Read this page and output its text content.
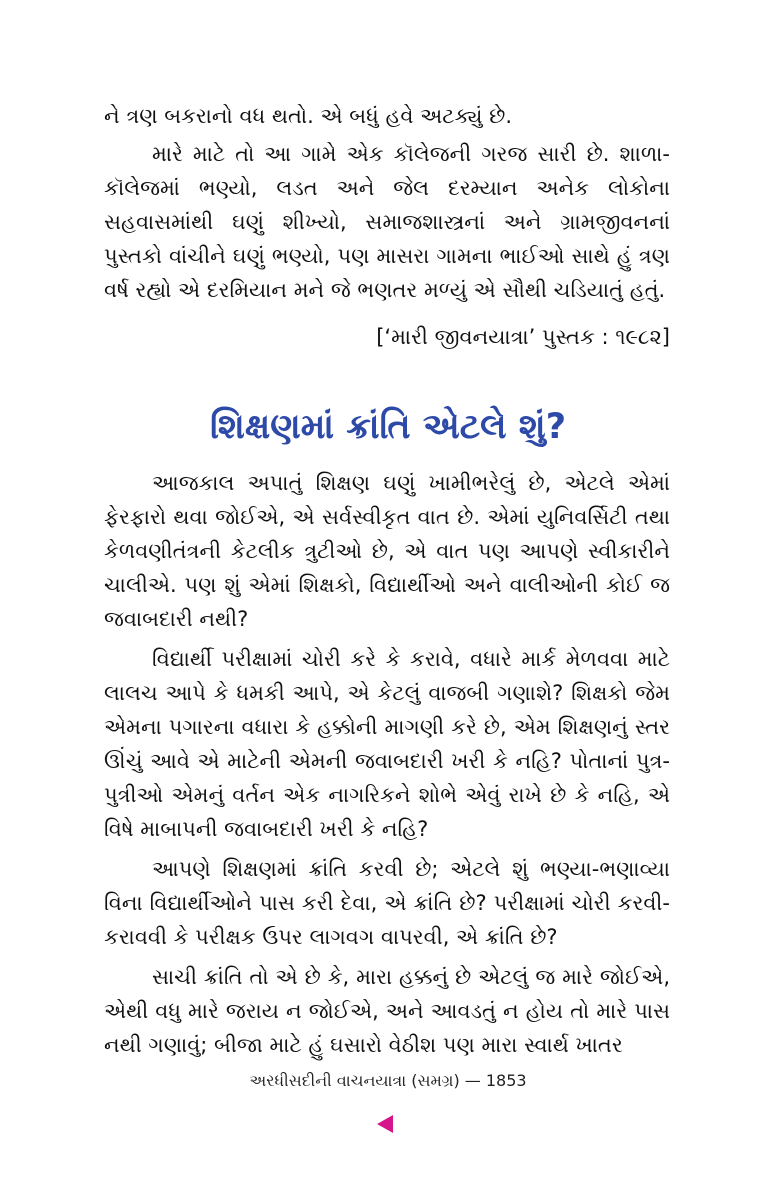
ને ત્રણ બકરાનો વધ થતો. એ બધું હવે અટક્યું છે.

મારે માટે તો આ ગામે એક કૉલેજની ગરજ સારી છે. શાળા-કૉલેજમાં ભણ્યો, લડત અને જેલ દરમ્યાન અનેક લોકોના સહવાસમાંથી ઘણું શીખ્યો, સમાજશાસ્ત્રનાં અને ગ્રામજીવનનાં પુસ્તકો વાંચીને ઘણું ભણ્યો, પણ માસરા ગામના ભાઈઓ સાથે હું ત્રણ વર્ષ રહ્યો એ દરમિયાન મને જે ભણતર મળ્યું એ સૌથી ચડિયાતું હતું.

[‘મારી જીવનયાત્રા’ પુસ્તક : ૧૯૮૨]
શિક્ષણમાં ક્રાંતિ એટલે શું?

આજકાલ અપાતું શિક્ષણ ઘણું ખામીભરેલું છે, એટલે એમાં ફેરફારો થવા જોઈએ, એ સર્વસ્વીકૃત વાત છે. એમાં યુનિવર્સિટી તથા કેળવણીતંત્રની કેટલીક ત્રુટીઓ છે, એ વાત પણ આપણે સ્વીકારીને ચાલીએ. પણ શું એમાં શિક્ષકો, વિદ્યાર્થીઓ અને વાલીઓની કોઈ જ જવાબદારી નથી?

વિદ્યાર્થી પરીક્ષામાં ચોરી કરે કે કરાવે, વધારે માર્ક મેળવવા માટે લાલચ આપે કે ધમકી આપે, એ કેટલું વાજબી ગણાશે? શિક્ષકો જેમ એમના પગારના વધારા કે હક્કોની માગણી કરે છે, એમ શિક્ષણનું સ્તર ઊંચું આવે એ માટેની એમની જવાબદારી ખરી કે નહિ? પોતાનાં પુત્ર-પુત્રીઓ એમનું વર્તન એક નાગરિકને શોભે એવું રાખે છે કે નહિ, એ વિષે માબાપની જવાબદારી ખરી કે નહિ?

આપણે શિક્ષણમાં ક્રાંતિ કરવી છે; એટલે શું ભણ્યા-ભણાવ્યા વિના વિદ્યાર્થીઓને પાસ કરી દેવા, એ ક્રાંતિ છે? પરીક્ષામાં ચોરી કરવી-કરાવવી કે પરીક્ષક ઉપર લાગવગ વાપરવી, એ ક્રાંતિ છે?

સાચી ક્રાંતિ તો એ છે કે, મારા હક્કનું છે એટલું જ મારે જોઈએ, એથી વધુ મારે જરાય ન જોઈએ, અને આવડતું ન હોય તો મારે પાસ નથી ગણાવું; બીજા માટે હું ઘસારો વેઠીશ પણ મારા સ્વાર્થ ખાતર

અરધીસદીની વાચનયાત્રા (સમગ્ર) — 1853
